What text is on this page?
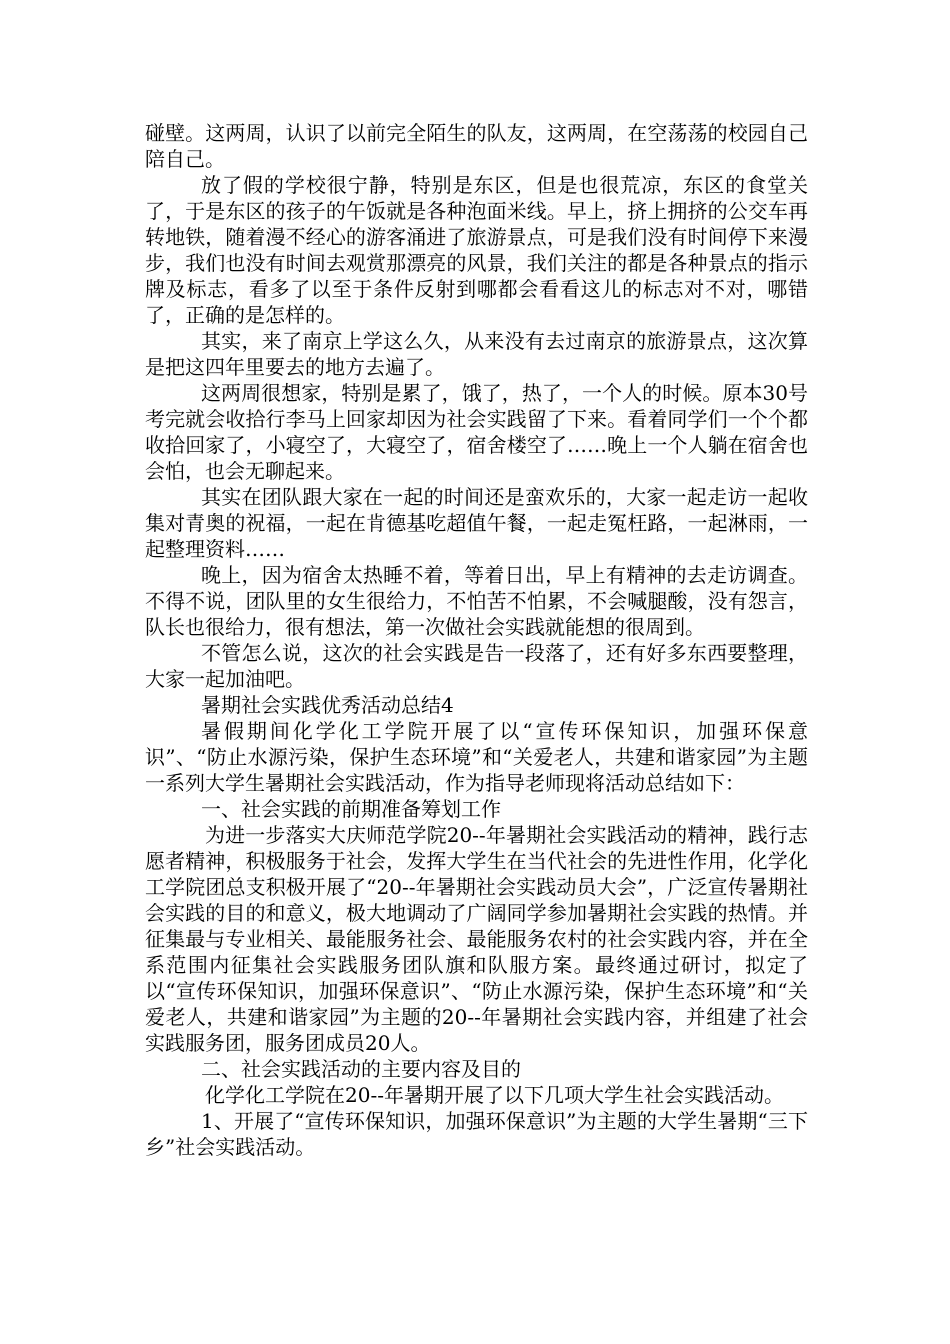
碰壁。这两周，认识了以前完全陌生的队友，这两周，在空荡荡的校园自己陪自己。

放了假的学校很宁静，特别是东区，但是也很荒凉，东区的食堂关了，于是东区的孩子的午饭就是各种泡面米线。早上，挤上拥挤的公交车再转地铁，随着漫不经心的游客涌进了旅游景点，可是我们没有时间停下来漫步，我们也没有时间去观赏那漂亮的风景，我们关注的都是各种景点的指示牌及标志，看多了以至于条件反射到哪都会看看这儿的标志对不对，哪错了，正确的是怎样的。

其实，来了南京上学这么久，从来没有去过南京的旅游景点，这次算是把这四年里要去的地方去遍了。

这两周很想家，特别是累了，饿了，热了，一个人的时候。原本30号考完就会收拾行李马上回家却因为社会实践留了下来。看着同学们一个个都收拾回家了，小寝空了，大寝空了，宿舍楼空了……晚上一个人躺在宿舍也会怕，也会无聊起来。

其实在团队跟大家在一起的时间还是蛮欢乐的，大家一起走访一起收集对青奥的祝福，一起在肯德基吃超值午餐，一起走冤枉路，一起淋雨，一起整理资料……

晚上，因为宿舍太热睡不着，等着日出，早上有精神的去走访调查。不得不说，团队里的女生很给力，不怕苦不怕累，不会喊腿酸，没有怨言，队长也很给力，很有想法，第一次做社会实践就能想的很周到。

不管怎么说，这次的社会实践是告一段落了，还有好多东西要整理，大家一起加油吧。

暑期社会实践优秀活动总结4

暑假期间化学化工学院开展了以“宣传环保知识，加强环保意识”、“防止水源污染，保护生态环境”和“关爱老人，共建和谐家园”为主题一系列大学生暑期社会实践活动，作为指导老师现将活动总结如下：

一、社会实践的前期准备筹划工作

为进一步落实大庆师范学院20--年暑期社会实践活动的精神，践行志愿者精神，积极服务于社会，发挥大学生在当代社会的先进性作用，化学化工学院团总支积极开展了“20--年暑期社会实践动员大会”，广泛宣传暑期社会实践的目的和意义，极大地调动了广阔同学参加暑期社会实践的热情。并征集最与专业相关、最能服务社会、最能服务农村的社会实践内容，并在全系范围内征集社会实践服务团队旗和队服方案。最终通过研讨，拟定了以“宣传环保知识，加强环保意识”、“防止水源污染，保护生态环境”和“关爱老人，共建和谐家园”为主题的20--年暑期社会实践内容，并组建了社会实践服务团，服务团成员20人。

二、社会实践活动的主要内容及目的

化学化工学院在20--年暑期开展了以下几项大学生社会实践活动。

1、开展了“宣传环保知识，加强环保意识”为主题的大学生暑期“三下乡”社会实践活动。
